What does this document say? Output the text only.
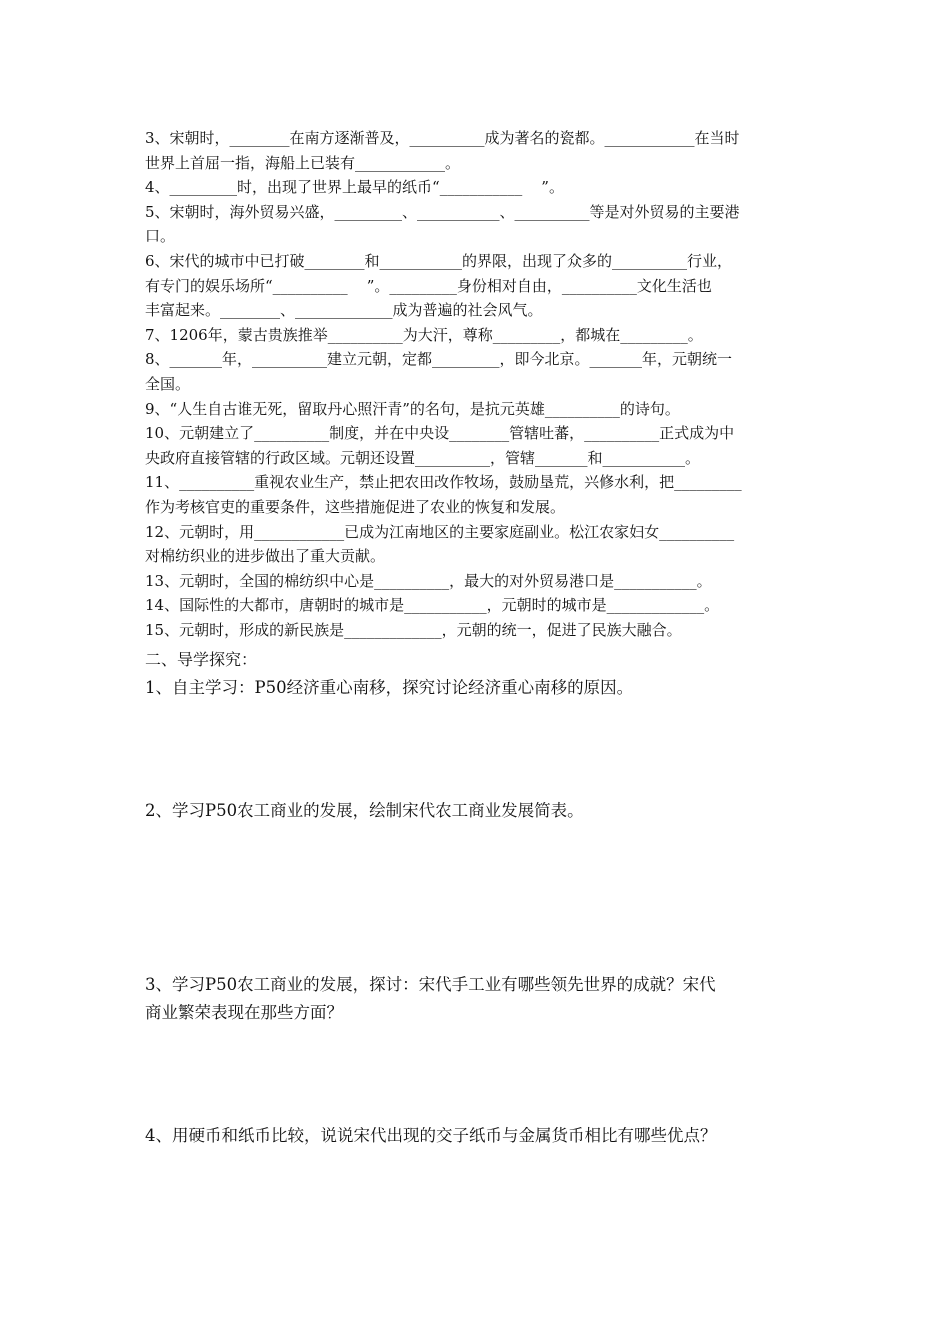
3、宋朝时，________在南方逐渐普及，__________成为著名的瓷都。____________在当时

世界上首屈一指，海船上已装有____________。

4、_________时，出现了世界上最早的纸币“___________    ”。

5、宋朝时，海外贸易兴盛，_________、___________、__________等是对外贸易的主要港

口。

6、宋代的城市中已打破________和___________的界限，出现了众多的__________行业，

有专门的娱乐场所“__________    ”。_________身份相对自由，__________文化生活也

丰富起来。________、_____________成为普遍的社会风气。

7、1206年，蒙古贵族推举__________为大汗，尊称_________，都城在_________。

8、_______年，__________建立元朝，定都_________，即今北京。_______年，元朝统一

全国。

9、“人生自古谁无死，留取丹心照汗青”的名句，是抗元英雄__________的诗句。

10、元朝建立了__________制度，并在中央设________管辖吐蕃，__________正式成为中

央政府直接管辖的行政区域。元朝还设置__________，管辖_______和___________。

11、__________重视农业生产，禁止把农田改作牧场，鼓励垦荒，兴修水利，把_________

作为考核官吏的重要条件，这些措施促进了农业的恢复和发展。

12、元朝时，用____________已成为江南地区的主要家庭副业。松江农家妇女__________

对棉纺织业的进步做出了重大贡献。

13、元朝时，全国的棉纺织中心是__________，最大的对外贸易港口是___________。

14、国际性的大都市，唐朝时的城市是___________，元朝时的城市是_____________。

15、元朝时，形成的新民族是_____________，元朝的统一，促进了民族大融合。

二、导学探究：

1、自主学习：P50经济重心南移，探究讨论经济重心南移的原因。

2、学习P50农工商业的发展，绘制宋代农工商业发展简表。

3、学习P50农工商业的发展，探讨：宋代手工业有哪些领先世界的成就？宋代

商业繁荣表现在那些方面？

4、用硬币和纸币比较，说说宋代出现的交子纸币与金属货币相比有哪些优点？
